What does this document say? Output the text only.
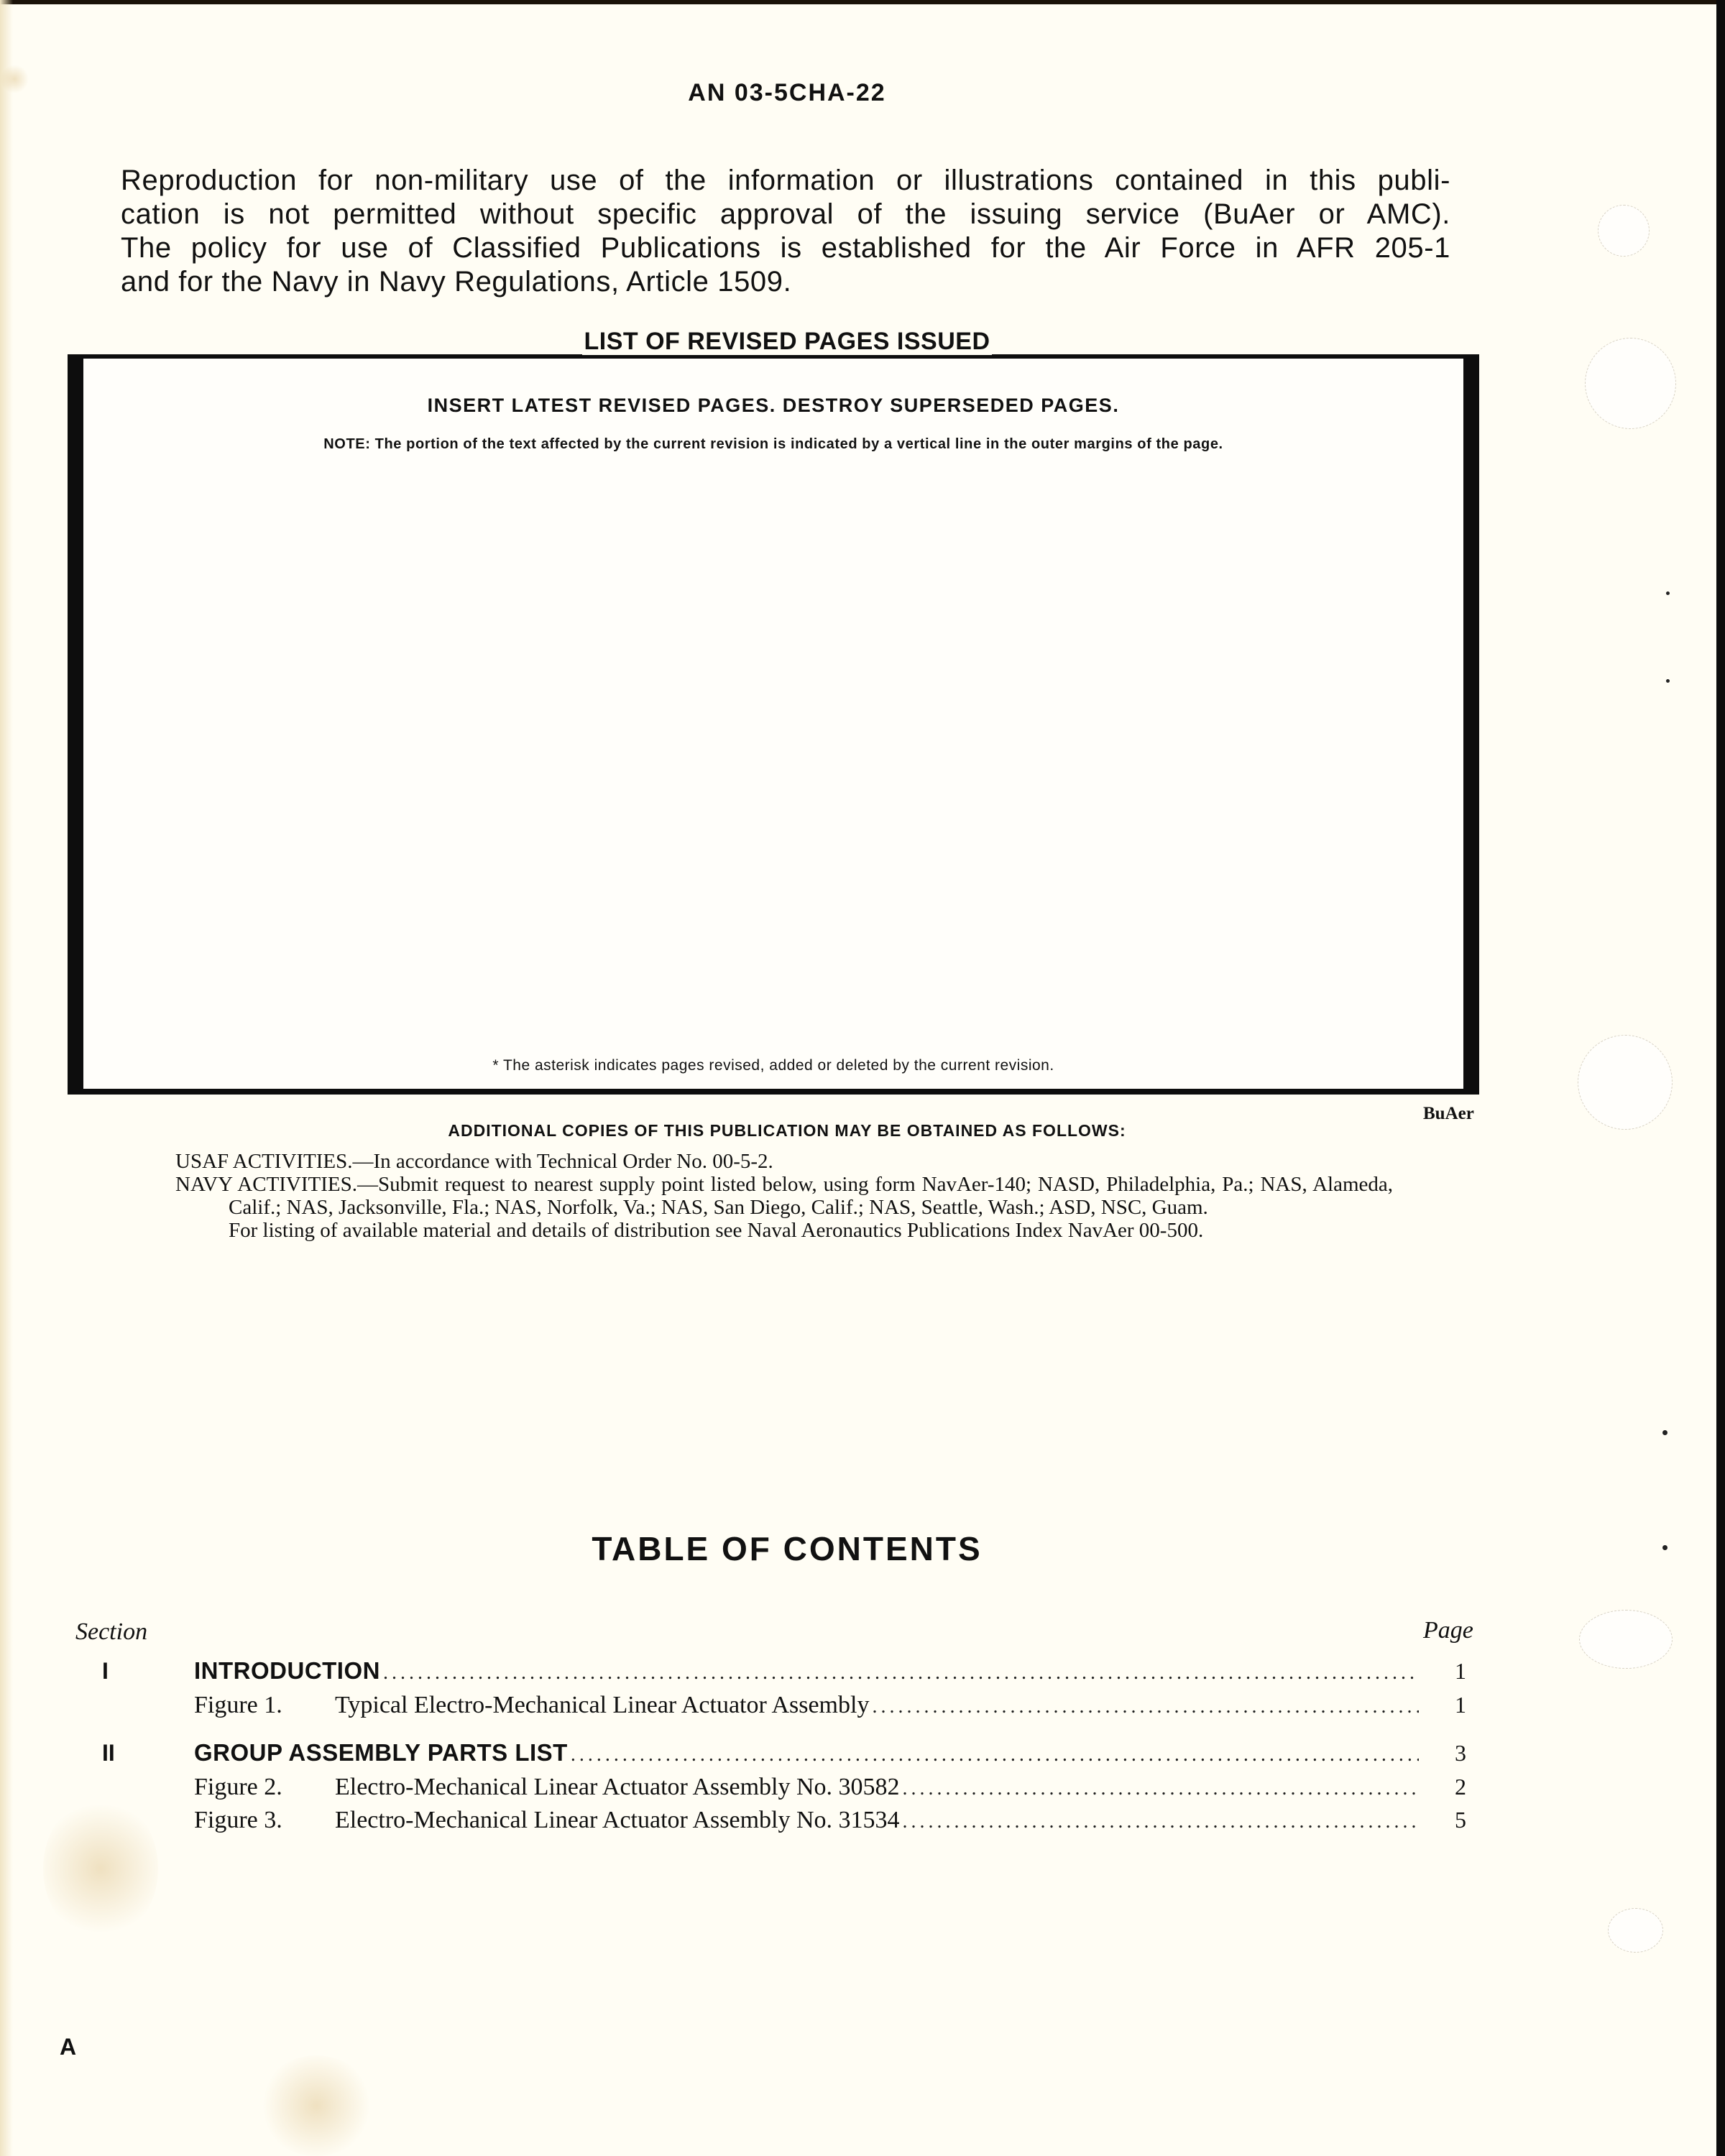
AN 03-5CHA-22
Reproduction for non-military use of the information or illustrations contained in this publi-
cation is not permitted without specific approval of the issuing service (BuAer or AMC).
The policy for use of Classified Publications is established for the Air Force in AFR 205-1
and for the Navy in Navy Regulations, Article 1509.
INSERT LATEST REVISED PAGES. DESTROY SUPERSEDED PAGES.
NOTE: The portion of the text affected by the current revision is indicated by a vertical line in the outer margins of the page.
* The asterisk indicates pages revised, added or deleted by the current revision.
LIST OF REVISED PAGES ISSUED
BuAer
ADDITIONAL COPIES OF THIS PUBLICATION MAY BE OBTAINED AS FOLLOWS:

USAF ACTIVITIES.—In accordance with Technical Order No. 00-5-2.

NAVY ACTIVITIES.—Submit request to nearest supply point listed below, using form NavAer-140; NASD, Philadelphia, Pa.; NAS, Alameda, Calif.; NAS, Jacksonville, Fla.; NAS, Norfolk, Va.; NAS, San Diego, Calif.; NAS, Seattle, Wash.; ASD, NSC, Guam.

For listing of available material and details of distribution see Naval Aeronautics Publications Index NavAer 00-500.

TABLE OF CONTENTS
Section	Page
I	INTRODUCTION .....	1
Figure 1. Typical Electro-Mechanical Linear Actuator Assembly .....	1
II	GROUP ASSEMBLY PARTS LIST .....	3
Figure 2. Electro-Mechanical Linear Actuator Assembly No. 30582 .....	2
Figure 3. Electro-Mechanical Linear Actuator Assembly No. 31534 .....	5
A
